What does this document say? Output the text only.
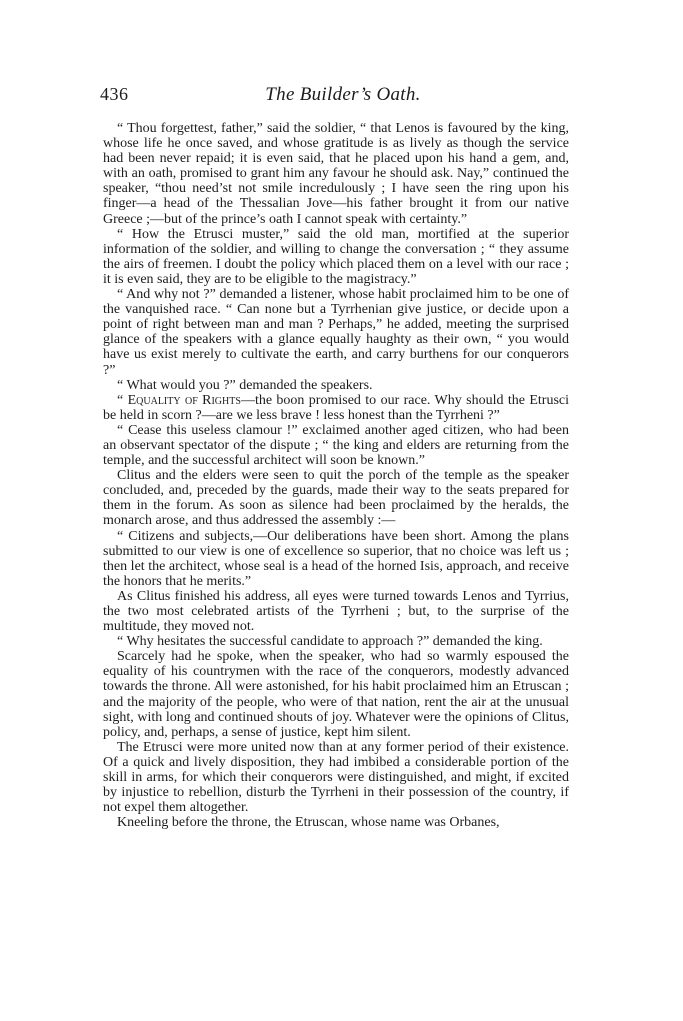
436	The Builder’s Oath.

“ Thou forgettest, father,” said the soldier, “ that Lenos is favoured by the king, whose life he once saved, and whose gratitude is as lively as though the service had been never repaid; it is even said, that he placed upon his hand a gem, and, with an oath, promised to grant him any favour he should ask. Nay,” continued the speaker, “thou need’st not smile incredulously ; I have seen the ring upon his finger—a head of the Thessalian Jove—his father brought it from our native Greece ;—but of the prince’s oath I cannot speak with certainty.”

“ How the Etrusci muster,” said the old man, mortified at the superior information of the soldier, and willing to change the conversation ; “ they assume the airs of freemen. I doubt the policy which placed them on a level with our race ; it is even said, they are to be eligible to the magistracy.”

“ And why not ?” demanded a listener, whose habit proclaimed him to be one of the vanquished race. “ Can none but a Tyrrhenian give justice, or decide upon a point of right between man and man ? Perhaps,” he added, meeting the surprised glance of the speakers with a glance equally haughty as their own, “ you would have us exist merely to cultivate the earth, and carry burthens for our conquerors ?”

“ What would you ?” demanded the speakers.

“ Equality of Rights—the boon promised to our race. Why should the Etrusci be held in scorn ?—are we less brave ! less honest than the Tyrrheni ?”

“ Cease this useless clamour !” exclaimed another aged citizen, who had been an observant spectator of the dispute ; “ the king and elders are returning from the temple, and the successful architect will soon be known.”

Clitus and the elders were seen to quit the porch of the temple as the speaker concluded, and, preceded by the guards, made their way to the seats prepared for them in the forum. As soon as silence had been proclaimed by the heralds, the monarch arose, and thus addressed the assembly :—

“ Citizens and subjects,—Our deliberations have been short. Among the plans submitted to our view is one of excellence so superior, that no choice was left us ; then let the architect, whose seal is a head of the horned Isis, approach, and receive the honors that he merits.”

As Clitus finished his address, all eyes were turned towards Lenos and Tyrrius, the two most celebrated artists of the Tyrrheni ; but, to the surprise of the multitude, they moved not.

“ Why hesitates the successful candidate to approach ?” demanded the king.

Scarcely had he spoke, when the speaker, who had so warmly espoused the equality of his countrymen with the race of the conquerors, modestly advanced towards the throne. All were astonished, for his habit proclaimed him an Etruscan ; and the majority of the people, who were of that nation, rent the air at the unusual sight, with long and continued shouts of joy. Whatever were the opinions of Clitus, policy, and, perhaps, a sense of justice, kept him silent.

The Etrusci were more united now than at any former period of their existence. Of a quick and lively disposition, they had imbibed a considerable portion of the skill in arms, for which their conquerors were distinguished, and might, if excited by injustice to rebellion, disturb the Tyrrheni in their possession of the country, if not expel them altogether.

Kneeling before the throne, the Etruscan, whose name was Orbanes,
